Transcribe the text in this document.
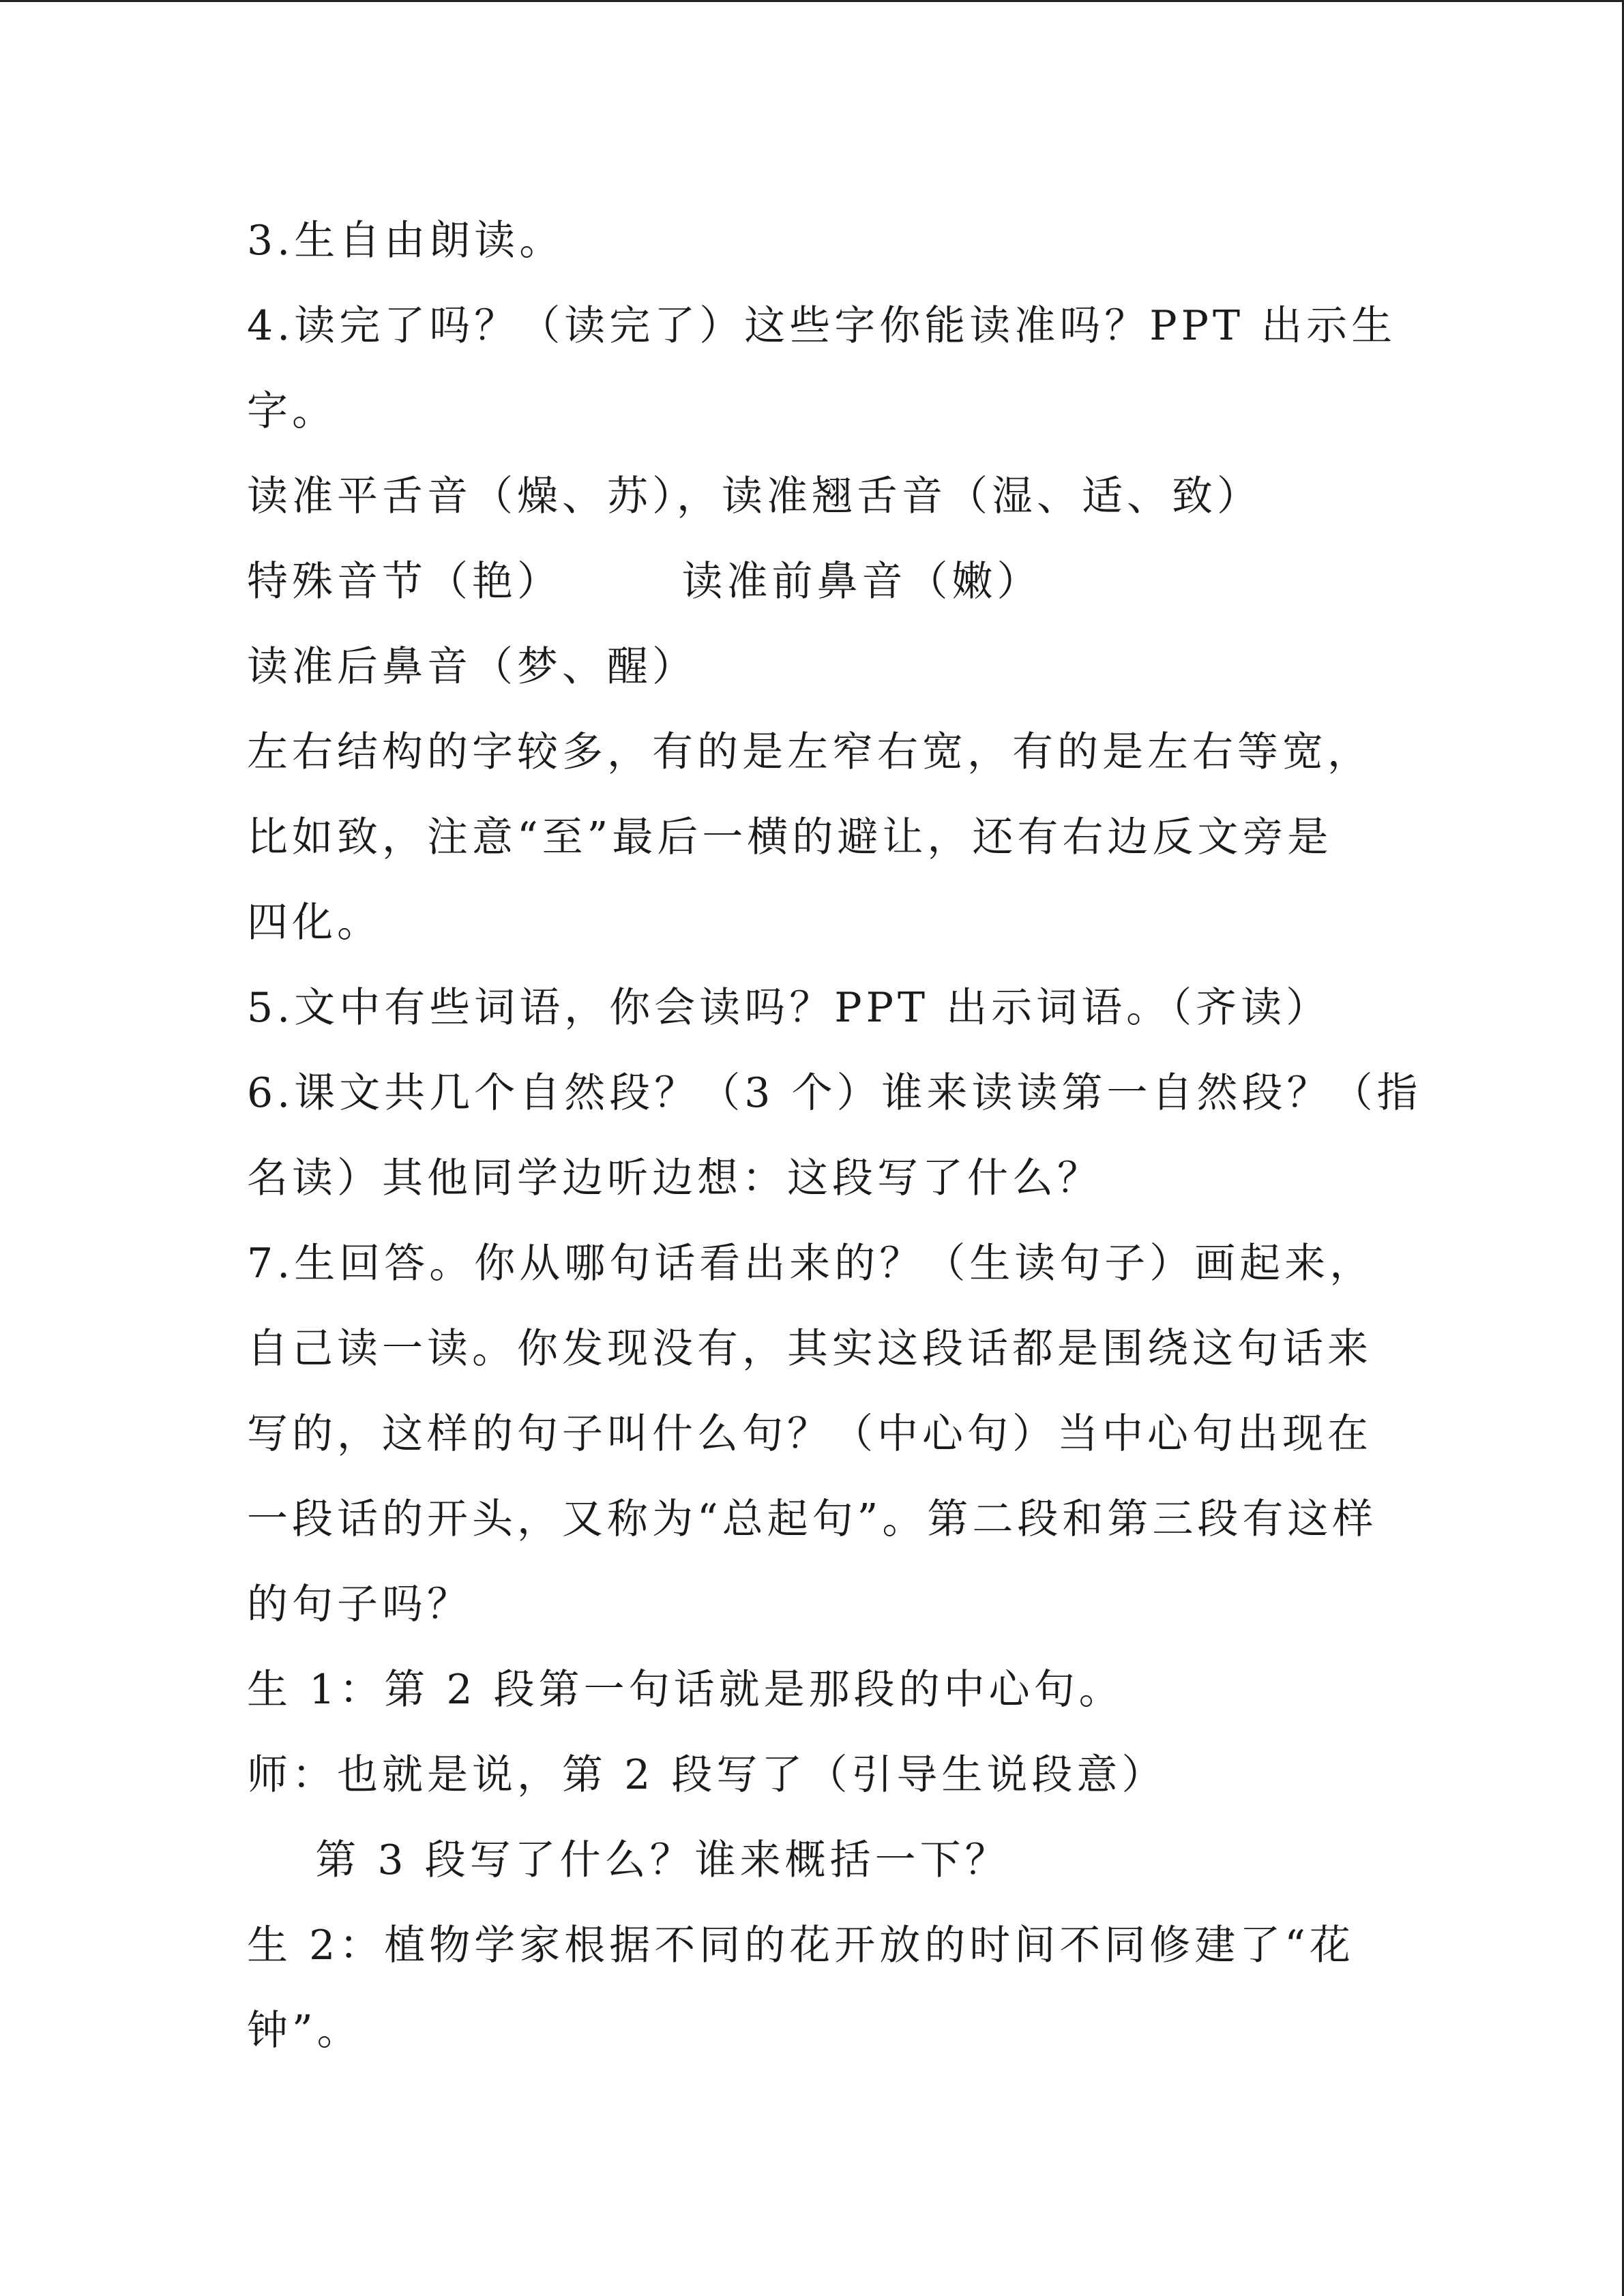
3.生自由朗读。
4.读完了吗？（读完了）这些字你能读准吗？PPT 出示生
字。
读准平舌音（燥、苏），读准翘舌音（湿、适、致）
特殊音节（艳）       读准前鼻音（嫩）
读准后鼻音（梦、醒）
左右结构的字较多，有的是左窄右宽，有的是左右等宽，
比如致，注意“至”最后一横的避让，还有右边反文旁是
四化。
5.文中有些词语，你会读吗？PPT 出示词语。（齐读）
6.课文共几个自然段？（3 个）谁来读读第一自然段？（指
名读）其他同学边听边想：这段写了什么？
7.生回答。你从哪句话看出来的？（生读句子）画起来，
自己读一读。你发现没有，其实这段话都是围绕这句话来
写的，这样的句子叫什么句？（中心句）当中心句出现在
一段话的开头，又称为“总起句”。第二段和第三段有这样
的句子吗？
生 1：第 2 段第一句话就是那段的中心句。
师：也就是说，第 2 段写了（引导生说段意）
第 3 段写了什么？谁来概括一下？
生 2：植物学家根据不同的花开放的时间不同修建了“花
钟”。
